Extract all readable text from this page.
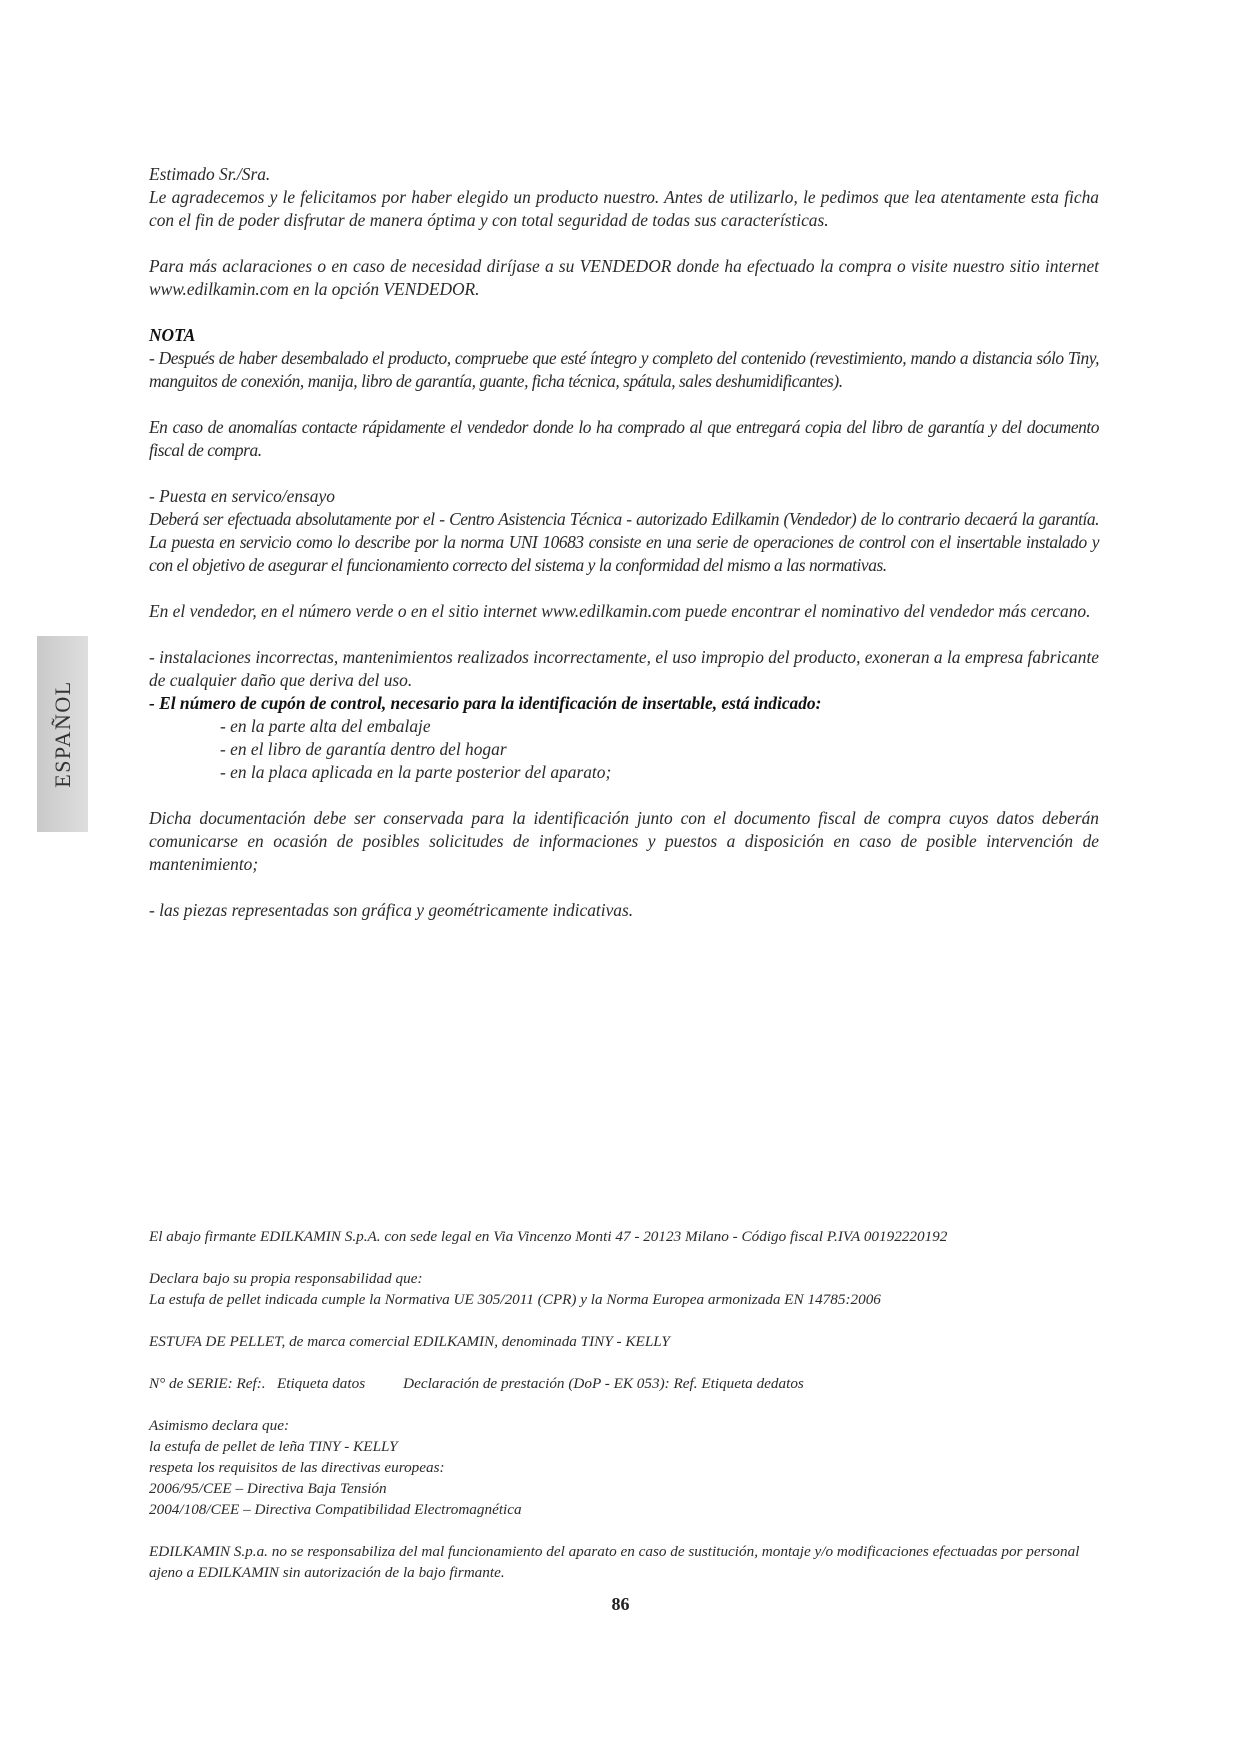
ESPAÑOL

Estimado Sr./Sra.

Le agradecemos y le felicitamos por haber elegido un producto nuestro. Antes de utilizarlo, le pedimos que lea atentamente esta ficha con el fin de poder disfrutar de manera óptima y con total seguridad de todas sus características.

Para más aclaraciones o en caso de necesidad diríjase a su VENDEDOR donde ha efectuado la compra o visite nuestro sitio internet www.edilkamin.com en la opción VENDEDOR.

NOTA

- Después de haber desembalado el producto, compruebe que esté íntegro y completo del contenido (revestimiento, mando a distancia sólo Tiny, manguitos de conexión, manija, libro de garantía, guante, ficha técnica, spátula, sales deshumidificantes).

En caso de anomalías contacte rápidamente el vendedor donde lo ha comprado al que entregará copia del libro de garantía y del documento fiscal de compra.

- Puesta en servico/ensayo

Deberá ser efectuada absolutamente por el - Centro Asistencia Técnica - autorizado Edilkamin (Vendedor) de lo contrario decaerá la garantía. La puesta en servicio como lo describe por la norma UNI 10683 consiste en una serie de operaciones de control con el insertable instalado y con el objetivo de asegurar el funcionamiento correcto del sistema y la conformidad del mismo a las normativas.

En el vendedor, en el número verde o en el sitio internet www.edilkamin.com puede encontrar el nominativo del vendedor más cercano.

- instalaciones incorrectas, mantenimientos realizados incorrectamente, el uso impropio del producto, exoneran a la empresa fabricante de cualquier daño que deriva del uso.

- El número de cupón de control, necesario para la identificación de insertable, está indicado:

- en la parte alta del embalaje

- en el libro de garantía dentro del hogar

- en la placa aplicada en la parte posterior del aparato;

Dicha documentación debe ser conservada para la identificación junto con el documento fiscal de compra cuyos datos deberán comunicarse en ocasión de posibles solicitudes de informaciones y puestos a disposición en caso de posible intervención de mantenimiento;

- las piezas representadas son gráfica y geométricamente indicativas.

El abajo firmante EDILKAMIN S.p.A. con sede legal en Via Vincenzo Monti 47 - 20123 Milano - Código fiscal P.IVA 00192220192

Declara bajo su propia responsabilidad que:

La estufa de pellet indicada cumple la Normativa UE 305/2011 (CPR) y la Norma Europea armonizada EN 14785:2006

ESTUFA DE PELLET, de marca comercial EDILKAMIN, denominada TINY - KELLY

N° de SERIE: Ref:.   Etiqueta datos	Declaración de prestación (DoP - EK 053): Ref. Etiqueta dedatos

Asimismo declara que:

la estufa de pellet de leña TINY - KELLY

respeta los requisitos de las directivas europeas:

2006/95/CEE – Directiva Baja Tensión

2004/108/CEE – Directiva Compatibilidad Electromagnética

EDILKAMIN S.p.a. no se responsabiliza del mal funcionamiento del aparato en caso de sustitución, montaje y/o modificaciones efectuadas por personal ajeno a EDILKAMIN sin autorización de la bajo firmante.

86
